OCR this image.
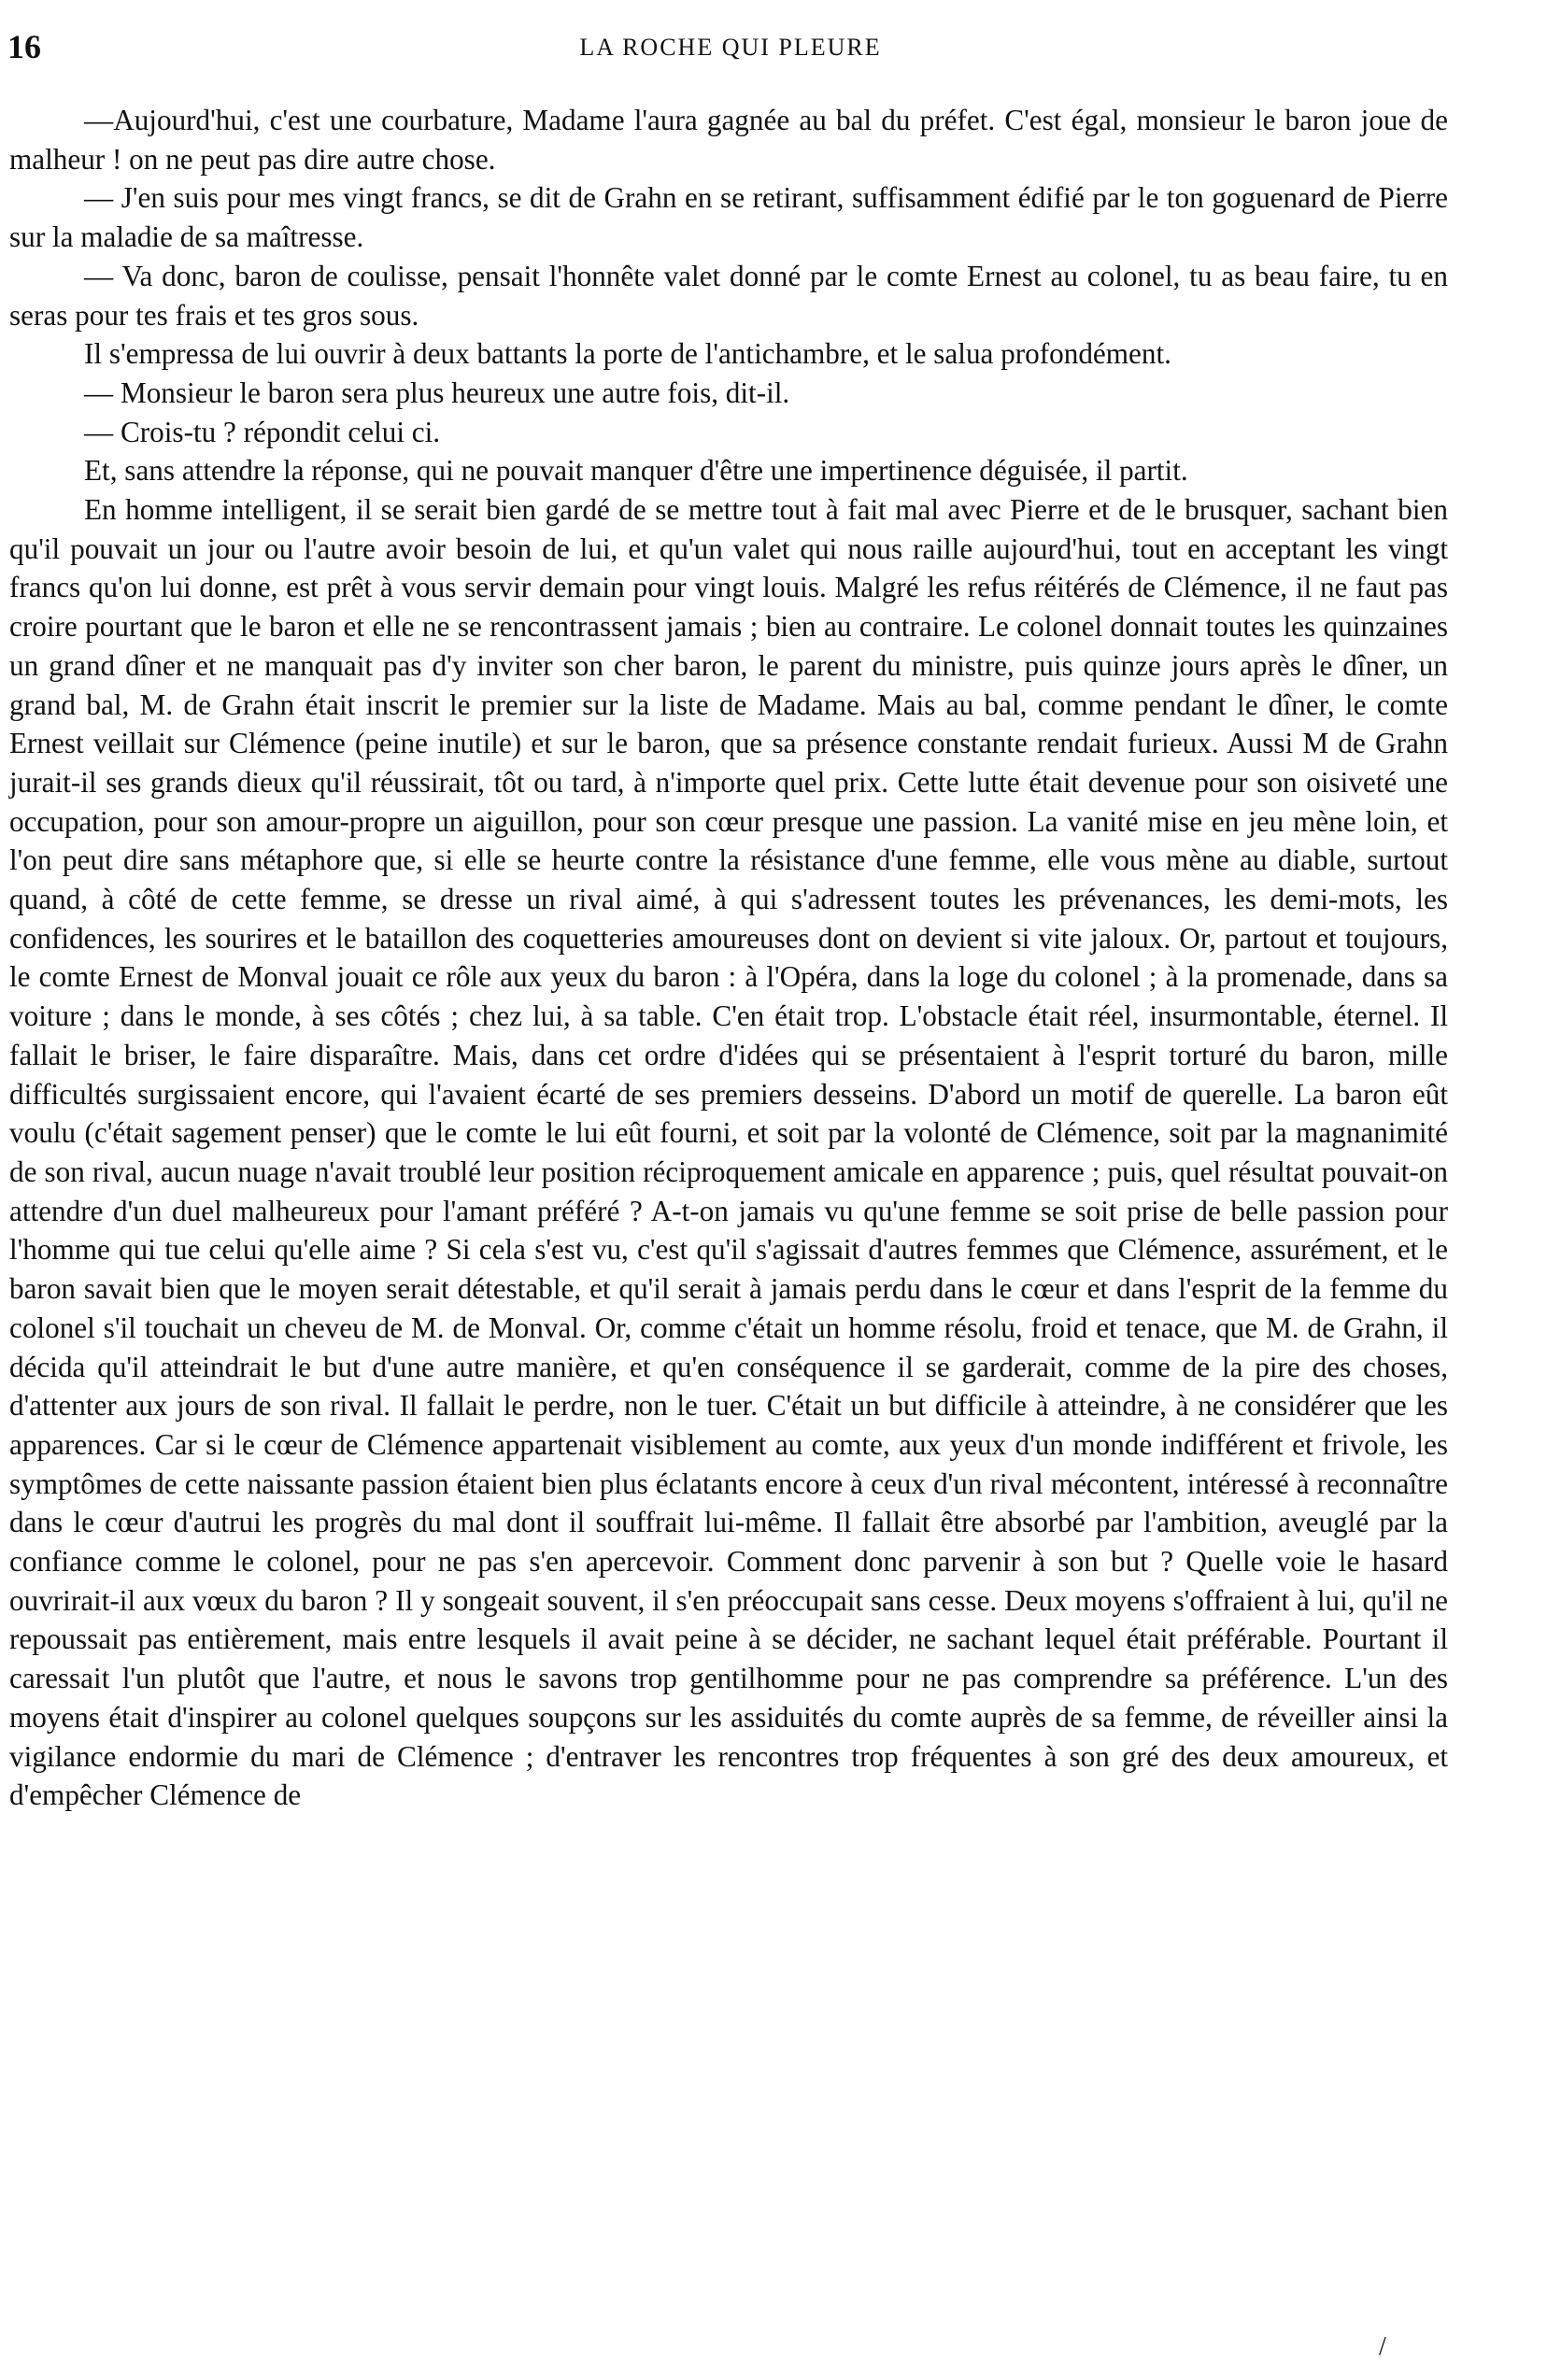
16	LA ROCHE QUI PLEURE

—Aujourd'hui, c'est une courbature, Madame l'aura gagnée au bal du préfet. C'est égal, monsieur le baron joue de malheur ! on ne peut pas dire autre chose.

— J'en suis pour mes vingt francs, se dit de Grahn en se retirant, suffisamment édifié par le ton goguenard de Pierre sur la maladie de sa maîtresse.

— Va donc, baron de coulisse, pensait l'honnête valet donné par le comte Ernest au colonel, tu as beau faire, tu en seras pour tes frais et tes gros sous.

Il s'empressa de lui ouvrir à deux battants la porte de l'antichambre, et le salua profondément.

— Monsieur le baron sera plus heureux une autre fois, dit-il.

— Crois-tu ? répondit celui ci.

Et, sans attendre la réponse, qui ne pouvait manquer d'être une impertinence déguisée, il partit.

En homme intelligent, il se serait bien gardé de se mettre tout à fait mal avec Pierre et de le brusquer, sachant bien qu'il pouvait un jour ou l'autre avoir besoin de lui, et qu'un valet qui nous raille aujourd'hui, tout en acceptant les vingt francs qu'on lui donne, est prêt à vous servir demain pour vingt louis. Malgré les refus réitérés de Clémence, il ne faut pas croire pourtant que le baron et elle ne se rencontrassent jamais ; bien au contraire. Le colonel donnait toutes les quinzaines un grand dîner et ne manquait pas d'y inviter son cher baron, le parent du ministre, puis quinze jours après le dîner, un grand bal, M. de Grahn était inscrit le premier sur la liste de Madame. Mais au bal, comme pendant le dîner, le comte Ernest veillait sur Clémence (peine inutile) et sur le baron, que sa présence constante rendait furieux. Aussi M de Grahn jurait-il ses grands dieux qu'il réussirait, tôt ou tard, à n'importe quel prix. Cette lutte était devenue pour son oisiveté une occupation, pour son amour-propre un aiguillon, pour son cœur presque une passion. La vanité mise en jeu mène loin, et l'on peut dire sans métaphore que, si elle se heurte contre la résistance d'une femme, elle vous mène au diable, surtout quand, à côté de cette femme, se dresse un rival aimé, à qui s'adressent toutes les prévenances, les demi-mots, les confidences, les sourires et le bataillon des coquetteries amoureuses dont on devient si vite jaloux. Or, partout et toujours, le comte Ernest de Monval jouait ce rôle aux yeux du baron : à l'Opéra, dans la loge du colonel ; à la promenade, dans sa voiture ; dans le monde, à ses côtés ; chez lui, à sa table. C'en était trop. L'obstacle était réel, insurmontable, éternel. Il fallait le briser, le faire disparaître. Mais, dans cet ordre d'idées qui se présentaient à l'esprit torturé du baron, mille difficultés surgissaient encore, qui l'avaient écarté de ses premiers desseins. D'abord un motif de querelle. La baron eût voulu (c'était sagement penser) que le comte le lui eût fourni, et soit par la volonté de Clémence, soit par la magnanimité de son rival, aucun nuage n'avait troublé leur position réciproquement amicale en apparence ; puis, quel résultat pouvait-on attendre d'un duel malheureux pour l'amant préféré ? A-t-on jamais vu qu'une femme se soit prise de belle passion pour l'homme qui tue celui qu'elle aime ? Si cela s'est vu, c'est qu'il s'agissait d'autres femmes que Clémence, assurément, et le baron savait bien que le moyen serait détestable, et qu'il serait à jamais perdu dans le cœur et dans l'esprit de la femme du colonel s'il touchait un cheveu de M. de Monval. Or, comme c'était un homme résolu, froid et tenace, que M. de Grahn, il décida qu'il atteindrait le but d'une autre manière, et qu'en conséquence il se garderait, comme de la pire des choses, d'attenter aux jours de son rival. Il fallait le perdre, non le tuer. C'était un but difficile à atteindre, à ne considérer que les apparences. Car si le cœur de Clémence appartenait visiblement au comte, aux yeux d'un monde indifférent et frivole, les symptômes de cette naissante passion étaient bien plus éclatants encore à ceux d'un rival mécontent, intéressé à reconnaître dans le cœur d'autrui les progrès du mal dont il souffrait lui-même. Il fallait être absorbé par l'ambition, aveuglé par la confiance comme le colonel, pour ne pas s'en apercevoir. Comment donc parvenir à son but ? Quelle voie le hasard ouvrirait-il aux vœux du baron ? Il y songeait souvent, il s'en préoccupait sans cesse. Deux moyens s'offraient à lui, qu'il ne repoussait pas entièrement, mais entre lesquels il avait peine à se décider, ne sachant lequel était préférable. Pourtant il caressait l'un plutôt que l'autre, et nous le savons trop gentilhomme pour ne pas comprendre sa préférence. L'un des moyens était d'inspirer au colonel quelques soupçons sur les assiduités du comte auprès de sa femme, de réveiller ainsi la vigilance endormie du mari de Clémence ; d'entraver les rencontres trop fréquentes à son gré des deux amoureux, et d'empêcher Clémence de

/
